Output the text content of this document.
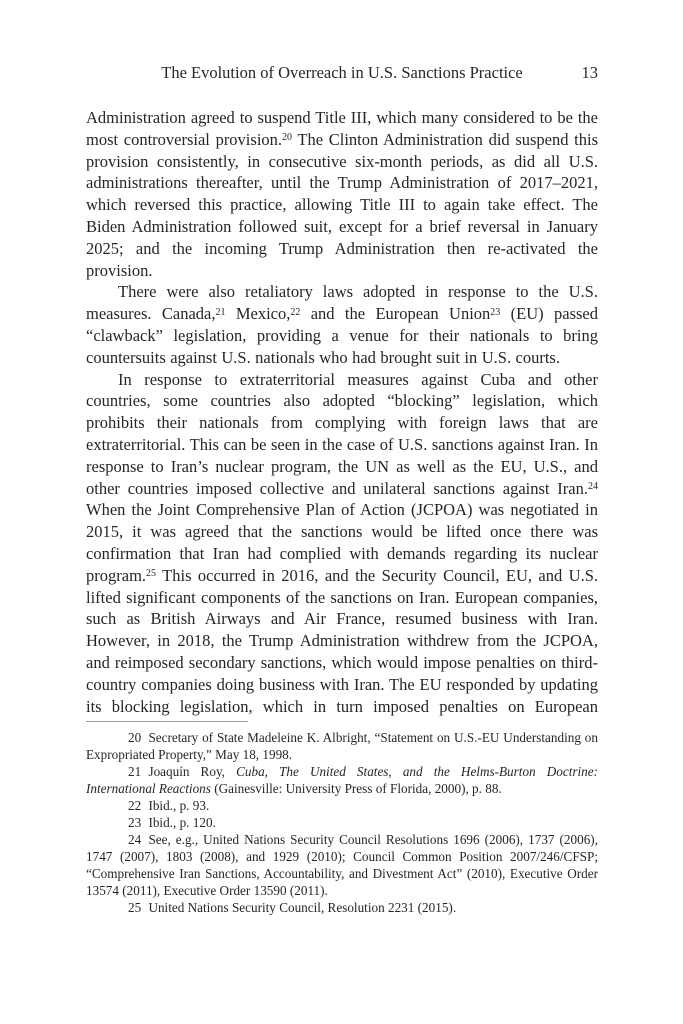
The Evolution of Overreach in U.S. Sanctions Practice	13

Administration agreed to suspend Title III, which many considered to be the most controversial provision.$^{20}$ The Clinton Administration did suspend this provision consistently, in consecutive six-month periods, as did all U.S. administrations thereafter, until the Trump Administration of 2017–2021, which reversed this practice, allowing Title III to again take effect. The Biden Administration followed suit, except for a brief reversal in January 2025; and the incoming Trump Administration then re-activated the provision.

There were also retaliatory laws adopted in response to the U.S. measures. Canada,$^{21}$ Mexico,$^{22}$ and the European Union$^{23}$ (EU) passed “clawback” legislation, providing a venue for their nationals to bring countersuits against U.S. nationals who had brought suit in U.S. courts.

In response to extraterritorial measures against Cuba and other countries, some countries also adopted “blocking” legislation, which prohibits their nationals from complying with foreign laws that are extraterritorial. This can be seen in the case of U.S. sanctions against Iran. In response to Iran’s nuclear program, the UN as well as the EU, U.S., and other countries imposed collective and unilateral sanctions against Iran.$^{24}$ When the Joint Comprehensive Plan of Action (JCPOA) was negotiated in 2015, it was agreed that the sanctions would be lifted once there was confirmation that Iran had complied with demands regarding its nuclear program.$^{25}$ This occurred in 2016, and the Security Council, EU, and U.S. lifted significant components of the sanctions on Iran. European companies, such as British Airways and Air France, resumed business with Iran. However, in 2018, the Trump Administration withdrew from the JCPOA, and reimposed secondary sanctions, which would impose penalties on third-country companies doing business with Iran. The EU responded by updating its blocking legislation, which in turn imposed penalties on European

20 Secretary of State Madeleine K. Albright, “Statement on U.S.-EU Understanding on Expropriated Property,” May 18, 1998.

21 Joaquín Roy, Cuba, The United States, and the Helms-Burton Doctrine: International Reactions (Gainesville: University Press of Florida, 2000), p. 88.

22 Ibid., p. 93.

23 Ibid., p. 120.

24 See, e.g., United Nations Security Council Resolutions 1696 (2006), 1737 (2006), 1747 (2007), 1803 (2008), and 1929 (2010); Council Common Position 2007/246/CFSP; “Comprehensive Iran Sanctions, Accountability, and Divestment Act” (2010), Executive Order 13574 (2011), Executive Order 13590 (2011).

25 United Nations Security Council, Resolution 2231 (2015).
